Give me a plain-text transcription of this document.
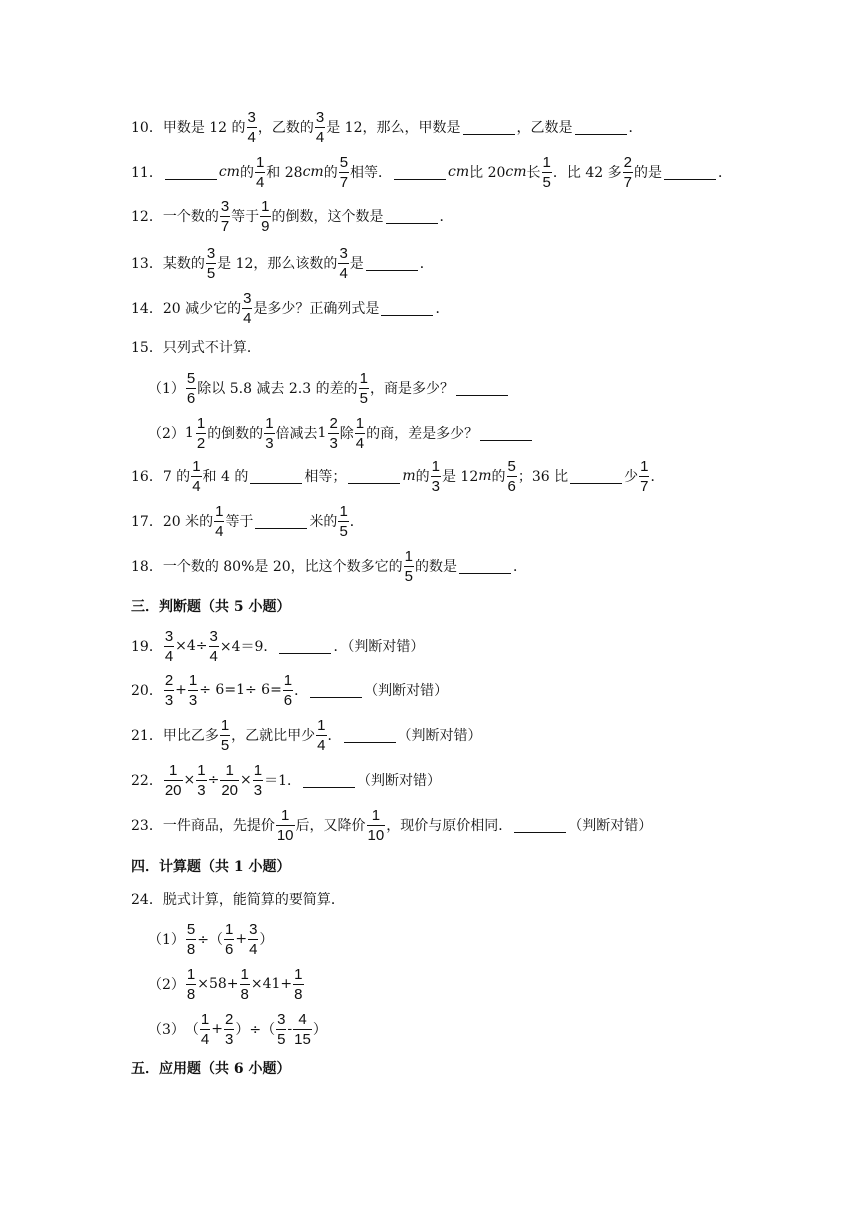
10． 甲数是 12 的 $\frac{3}{4}$ ，乙数的 $\frac{3}{4}$ 是 12，那么，甲数是	，乙数是	．
11．	cm 的 $\frac{1}{4}$ 和 28 cm 的 $\frac{5}{7}$ 相等．	cm 比 20 cm 长 $\frac{1}{5}$ ．比 42 多 $\frac{2}{7}$ 的是	．
12． 一个数的 $\frac{3}{7}$ 等于 $\frac{1}{9}$ 的倒数，这个数是	．
13． 某数的 $\frac{3}{5}$ 是 12，那么该数的 $\frac{3}{4}$ 是	．
14． 20 减少它的 $\frac{3}{4}$ 是多少？正确列式是	．
15． 只列式不计算．
$(1) \frac{5}{6}$ 除以 5.8 减去 2.3 的差的 $\frac{1}{5}$ ，商是多少？
（2） $1 \frac{1}{2}$ 的倒数的 $\frac{1}{3}$ 倍减去 $1 \frac{2}{3}$ 除 $\frac{1}{4}$ 的商，差是多少？
16． 7 的 $\frac{1}{4}$ 和 4 的	相等；	m 的 $\frac{1}{3}$ 是 12 m 的 $\frac{5}{6}$ ；36 比	少 $\frac{1}{7}$ ．
17． 20 米的 $\frac{1}{4}$ 等于	米的 $\frac{1}{5}$ ．
18． 一个数的 80%是 20，比这个数多它的 $\frac{1}{5}$ 的数是	．
三．判断题（共 5 小题）
19． $\frac{3}{4} \times 4\div \frac{3}{4} \times 4=9$．	．（判断对错）
20． $\frac{2}{3} + \frac{1}{3} \div 6=1\div 6= \frac{1}{6}$ ．	（判断对错）
21． 甲比乙多 $\frac{1}{5}$ ，乙就比甲少 $\frac{1}{4}$ ．	（判断对错）
22． $\frac{1}{20} \times \frac{1}{3} \div \frac{1}{20} \times \frac{1}{3} =1$．	（判断对错）
23． 一件商品，先提价 $\frac{1}{10}$ 后，又降价 $\frac{1}{10}$ ，现价与原价相同．	（判断对错）
四．计算题（共 1 小题）
24． 脱式计算，能简算的要简算．
$(1) \frac{5}{8}$ ÷（ $\frac{1}{6} + \frac{3}{4}$ ）
$(2) \frac{1}{8} \times 58+ \frac{1}{8} \times 41+ \frac{1}{8}$
（3） （ $\frac{1}{4} + \frac{2}{3}$ ）÷（ $\frac{3}{5} - \frac{4}{15}$ ）
五．应用题（共 6 小题）
